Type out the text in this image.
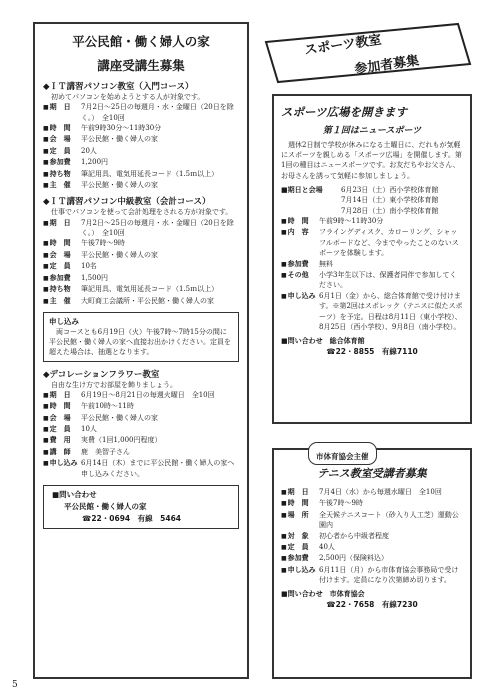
平公民館・働く婦人の家
講座受講生募集
◆ＩＴ講習パソコン教室（入門コース）
初めてパソコンを始めようとする人が対象です。
■ 期　日	7月2日～25日の毎週月・水・金曜日（20日を除く。）　全10回
■ 時　間	午前9時30分～11時30分
■ 会　場	平公民館・働く婦人の家
■ 定　員	20人
■ 参加費	1,200円
■ 持ち物	筆記用具、電気用延長コード（1.5ｍ以上）
■ 主　催	平公民館・働く婦人の家
◆ＩＴ講習パソコン中級教室（会計コース）
仕事でパソコンを使って会計処理をされる方が対象です。
■ 期　日	7月2日～25日の毎週月・水・金曜日（20日を除く。）　全10回
■ 時　間	午後7時～9時
■ 会　場	平公民館・働く婦人の家
■ 定　員	10名
■ 参加費	1,500円
■ 持ち物	筆記用具、電気用延長コード（1.5ｍ以上）
■ 主　催	大町商工会議所・平公民館・働く婦人の家
申し込み
両コースとも6月19日（火）午後7時～7時15分の間に平公民館・働く婦人の家へ直接お出かけください。定員を超えた場合は、抽選となります。
◆デコレーションフラワー教室
自由な生け方でお部屋を飾りましょう。
■ 期　日	6月19日～8月21日の毎週火曜日　全10回
■ 時　間	午前10時～11時
■ 会　場	平公民館・働く婦人の家
■ 定　員	10人
■ 費　用	実費（1回1,000円程度）
■ 講　師	鹿　美智子さん
■ 申し込み 6月14日（木）までに平公民館・働く婦人の家へ申し込みください。
■問い合わせ
平公民館・働く婦人の家
☎22・0694　有線　5464
スポーツ教室
参加者募集
スポーツ広場を開きます
第１回はニュースポーツ
週休2日制で学校が休みになる土曜日に、だれもが気軽にスポーツを親しめる「スポーツ広場」を開催します。第1回の種目はニュースポーツです。お友だちやお父さん、お母さんを誘って気軽に参加しましょう。
■期日と会場	6月23日（土）西小学校体育館
7月14日（土）東小学校体育館
7月28日（土）南小学校体育館
■ 時　間	午前9時～11時30分
■ 内　容	フライングディスク、カローリング、シャッフルボードなど、今までやったことのないスポーツを体験します。
■ 参加費	無料
■ その他	小学3年生以下は、保護者同伴で参加してください。
■ 申し込み 6月1日（金）から、総合体育館で受け付けます。※第2回はスポレック（テニスに似たスポーツ）を予定。日程は8月11日（東小学校）、8月25日（西小学校）、9月8日（南小学校）。
■問い合わせ　総合体育館
☎22・8855　有線7110
市体育協会主催
テニス教室受講者募集
■ 期　日	7月4日（水）から毎週水曜日　全10回
■ 時　間	午後7時～9時
■ 場　所	全天候テニスコート（砂入り人工芝）運動公園内
■ 対　象	初心者から中級者程度
■ 定　員	40人
■ 参加費	2,500円（保険料込）
■ 申し込み 6月11日（月）から市体育協会事務局で受け付けます。定員になり次第締め切ります。
■問い合わせ　市体育協会
☎22・7658　有線7230
5
